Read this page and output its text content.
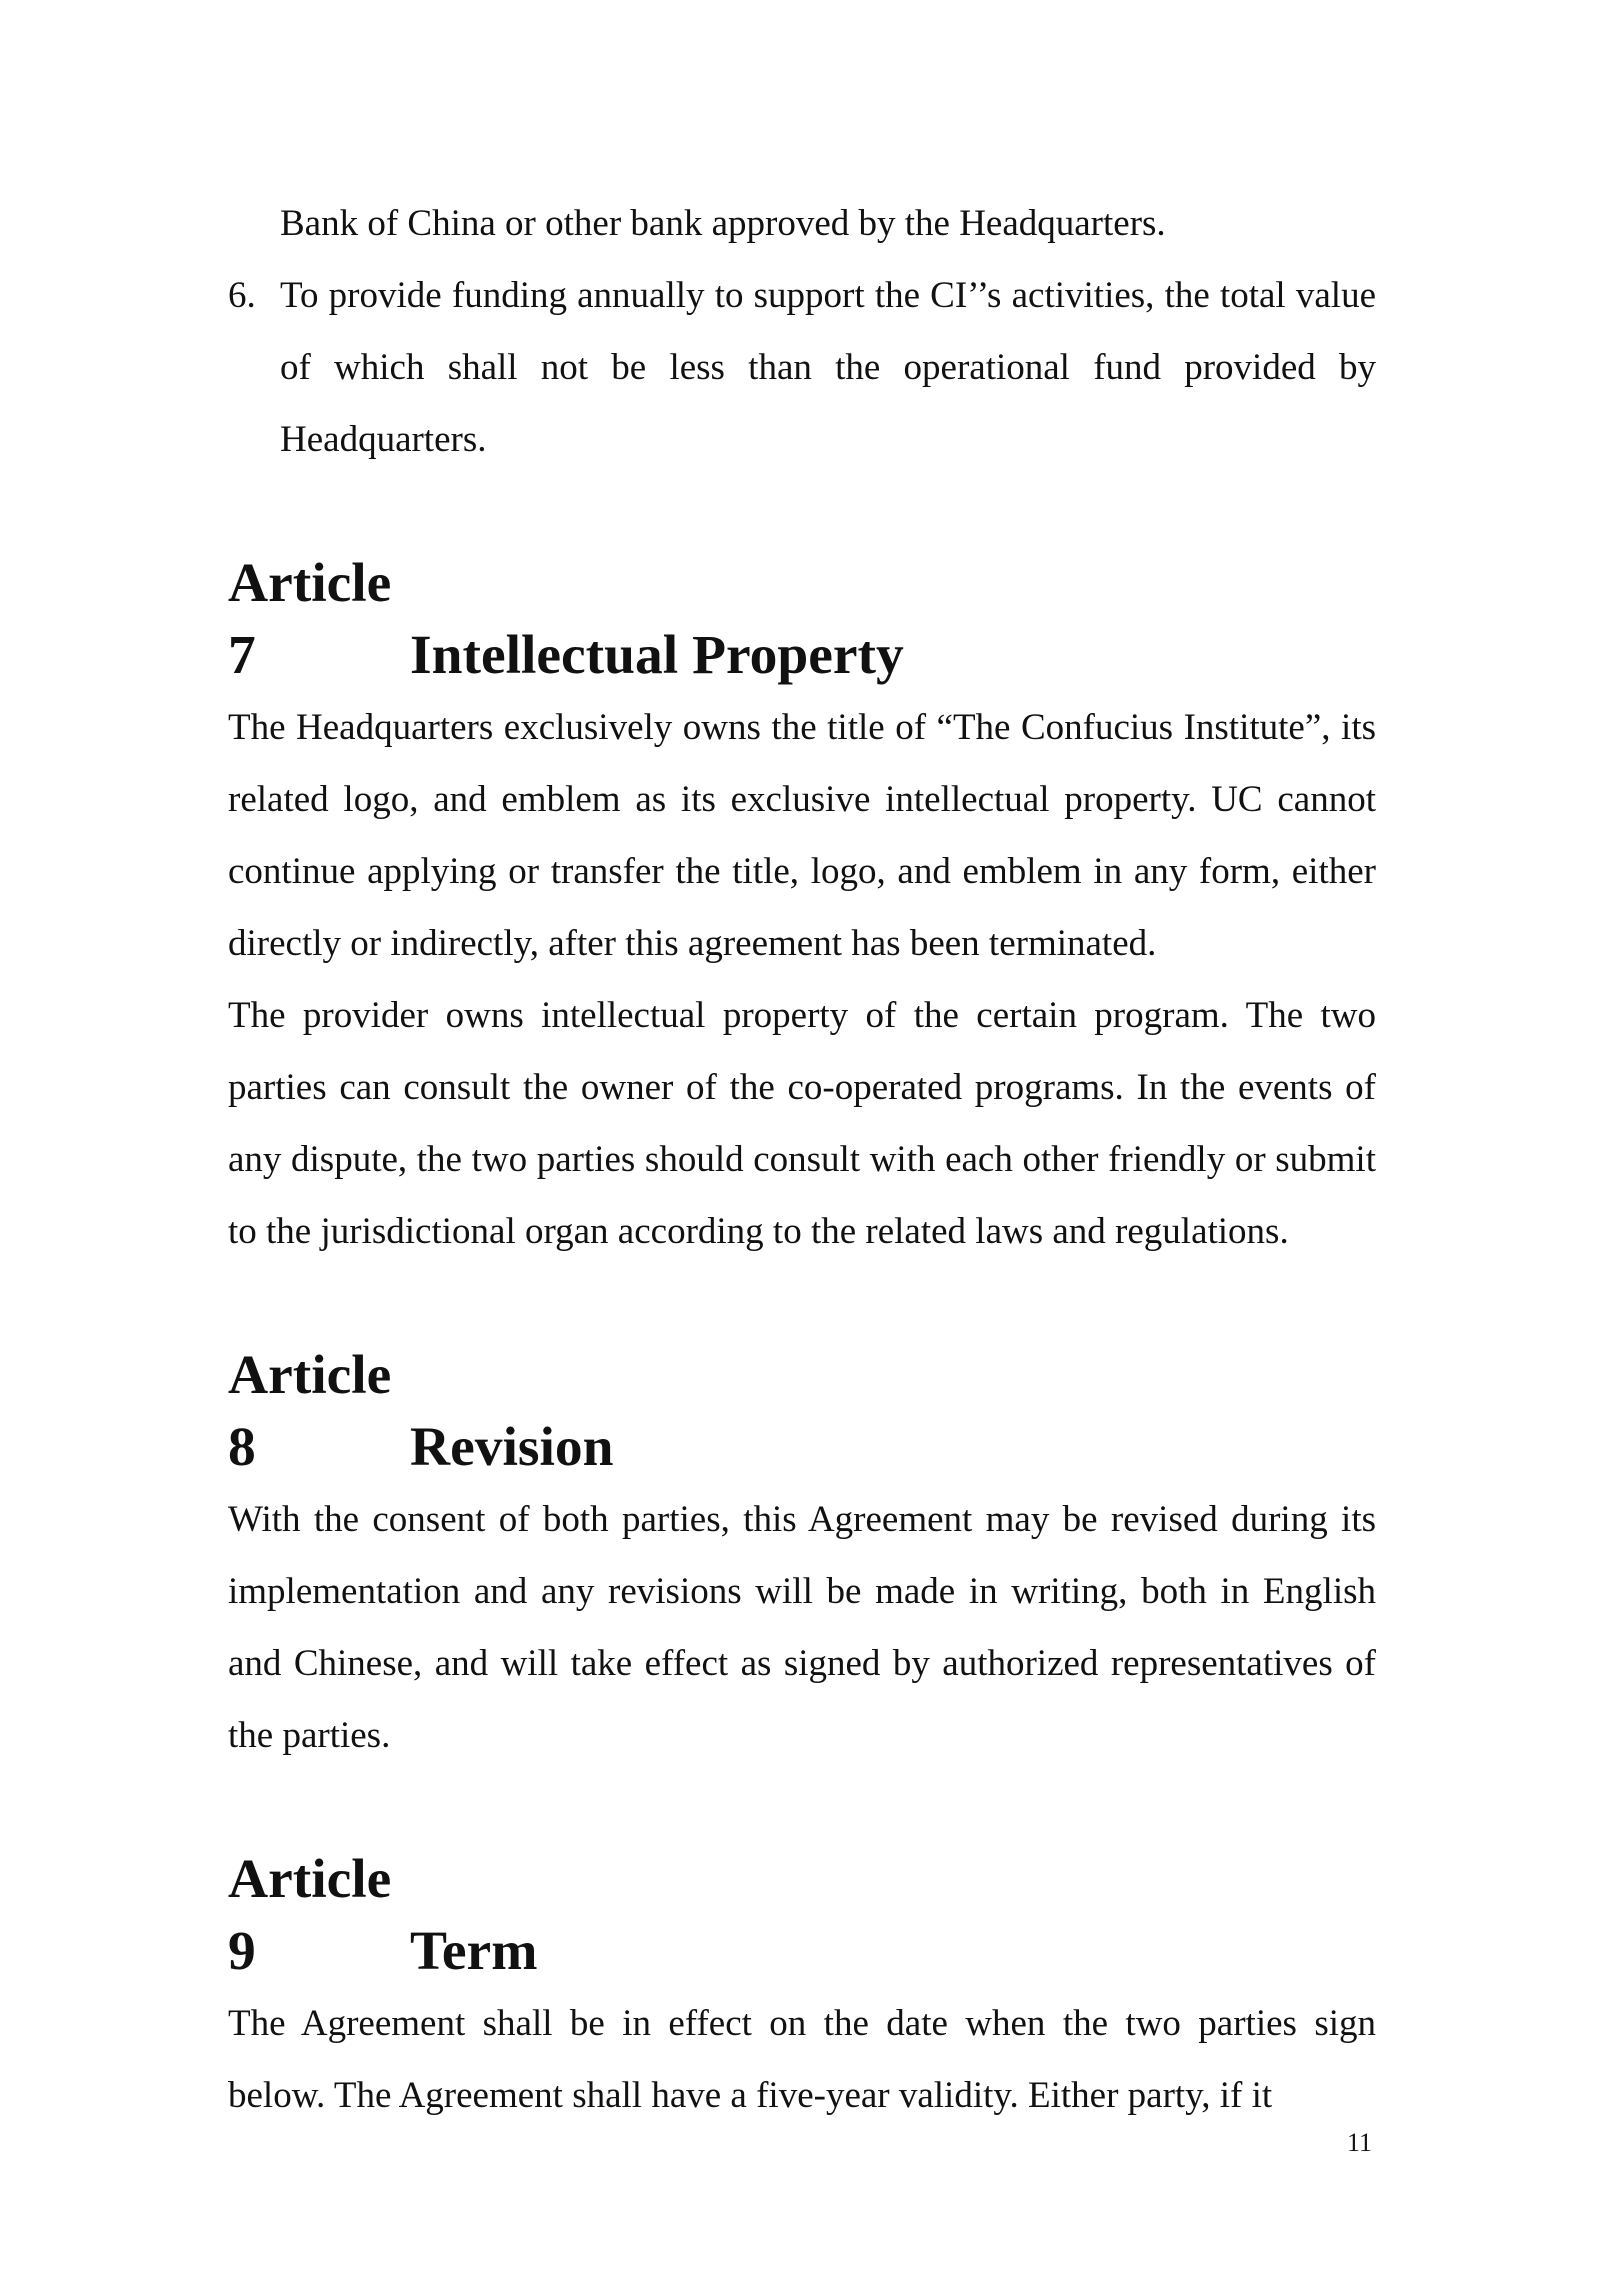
Bank of China or other bank approved by the Headquarters.

6. To provide funding annually to support the CI’’s activities, the total value of which shall not be less than the operational fund provided by Headquarters.
Article 7	Intellectual Property

The Headquarters exclusively owns the title of “The Confucius Institute”, its related logo, and emblem as its exclusive intellectual property. UC cannot continue applying or transfer the title, logo, and emblem in any form, either directly or indirectly, after this agreement has been terminated.

The provider owns intellectual property of the certain program. The two parties can consult the owner of the co-operated programs. In the events of any dispute, the two parties should consult with each other friendly or submit to the jurisdictional organ according to the related laws and regulations.

Article 8	Revision

With the consent of both parties, this Agreement may be revised during its implementation and any revisions will be made in writing, both in English and Chinese, and will take effect as signed by authorized representatives of the parties.

Article 9	Term

The Agreement shall be in effect on the date when the two parties sign below. The Agreement shall have a five-year validity. Either party, if it

11
